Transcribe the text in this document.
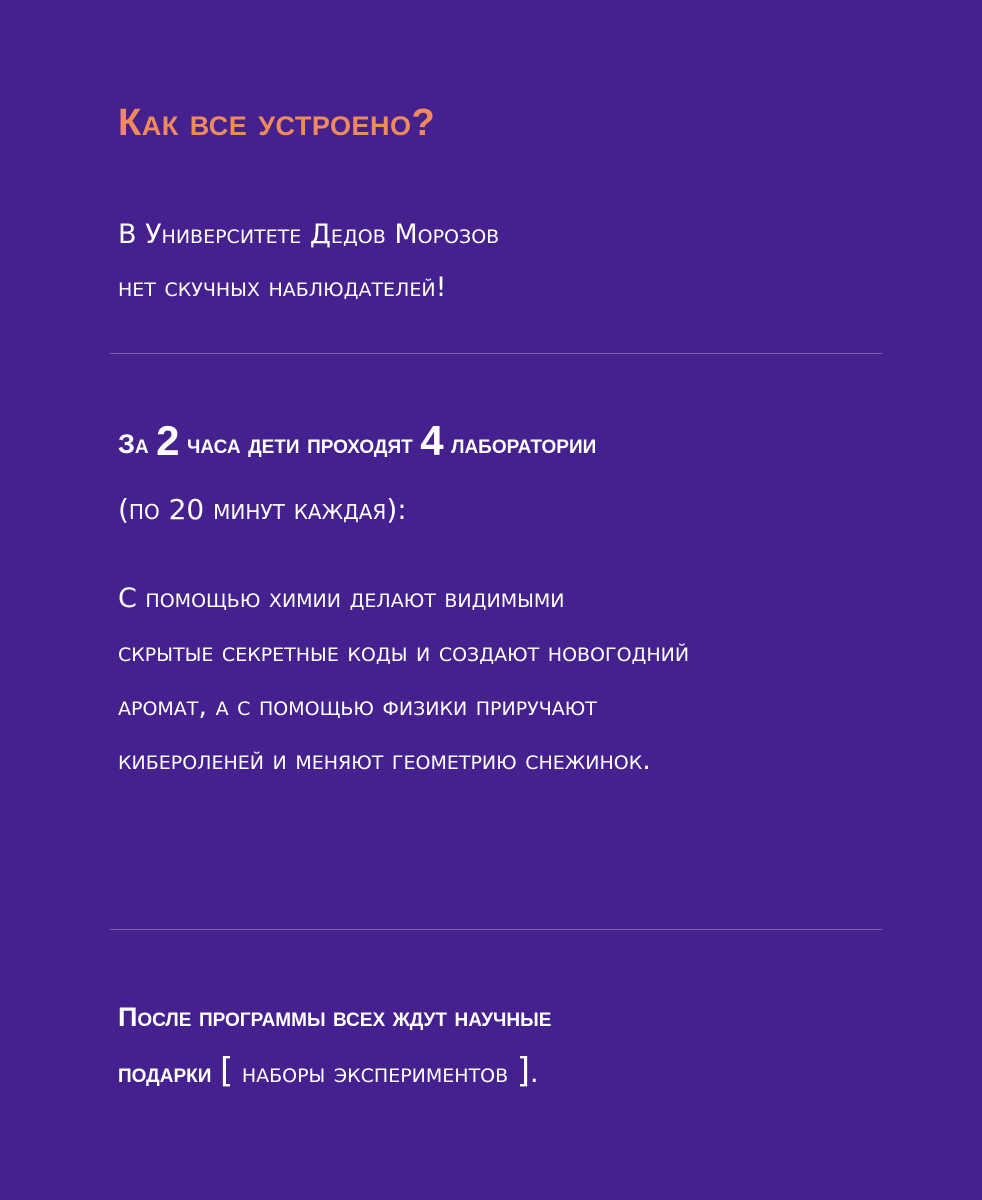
Как все устроено?
В Университете Дедов Морозов
нет скучных наблюдателей!
За 2 часа дети проходят 4 лаборатории
(по 20 минут каждая):
С помощью химии делают видимыми
скрытые секретные коды и создают новогодний
аромат, а с помощью физики приручают
кибероленей и меняют геометрию снежинок.
После программы всех ждут научные
подарки [ наборы экспериментов ].
